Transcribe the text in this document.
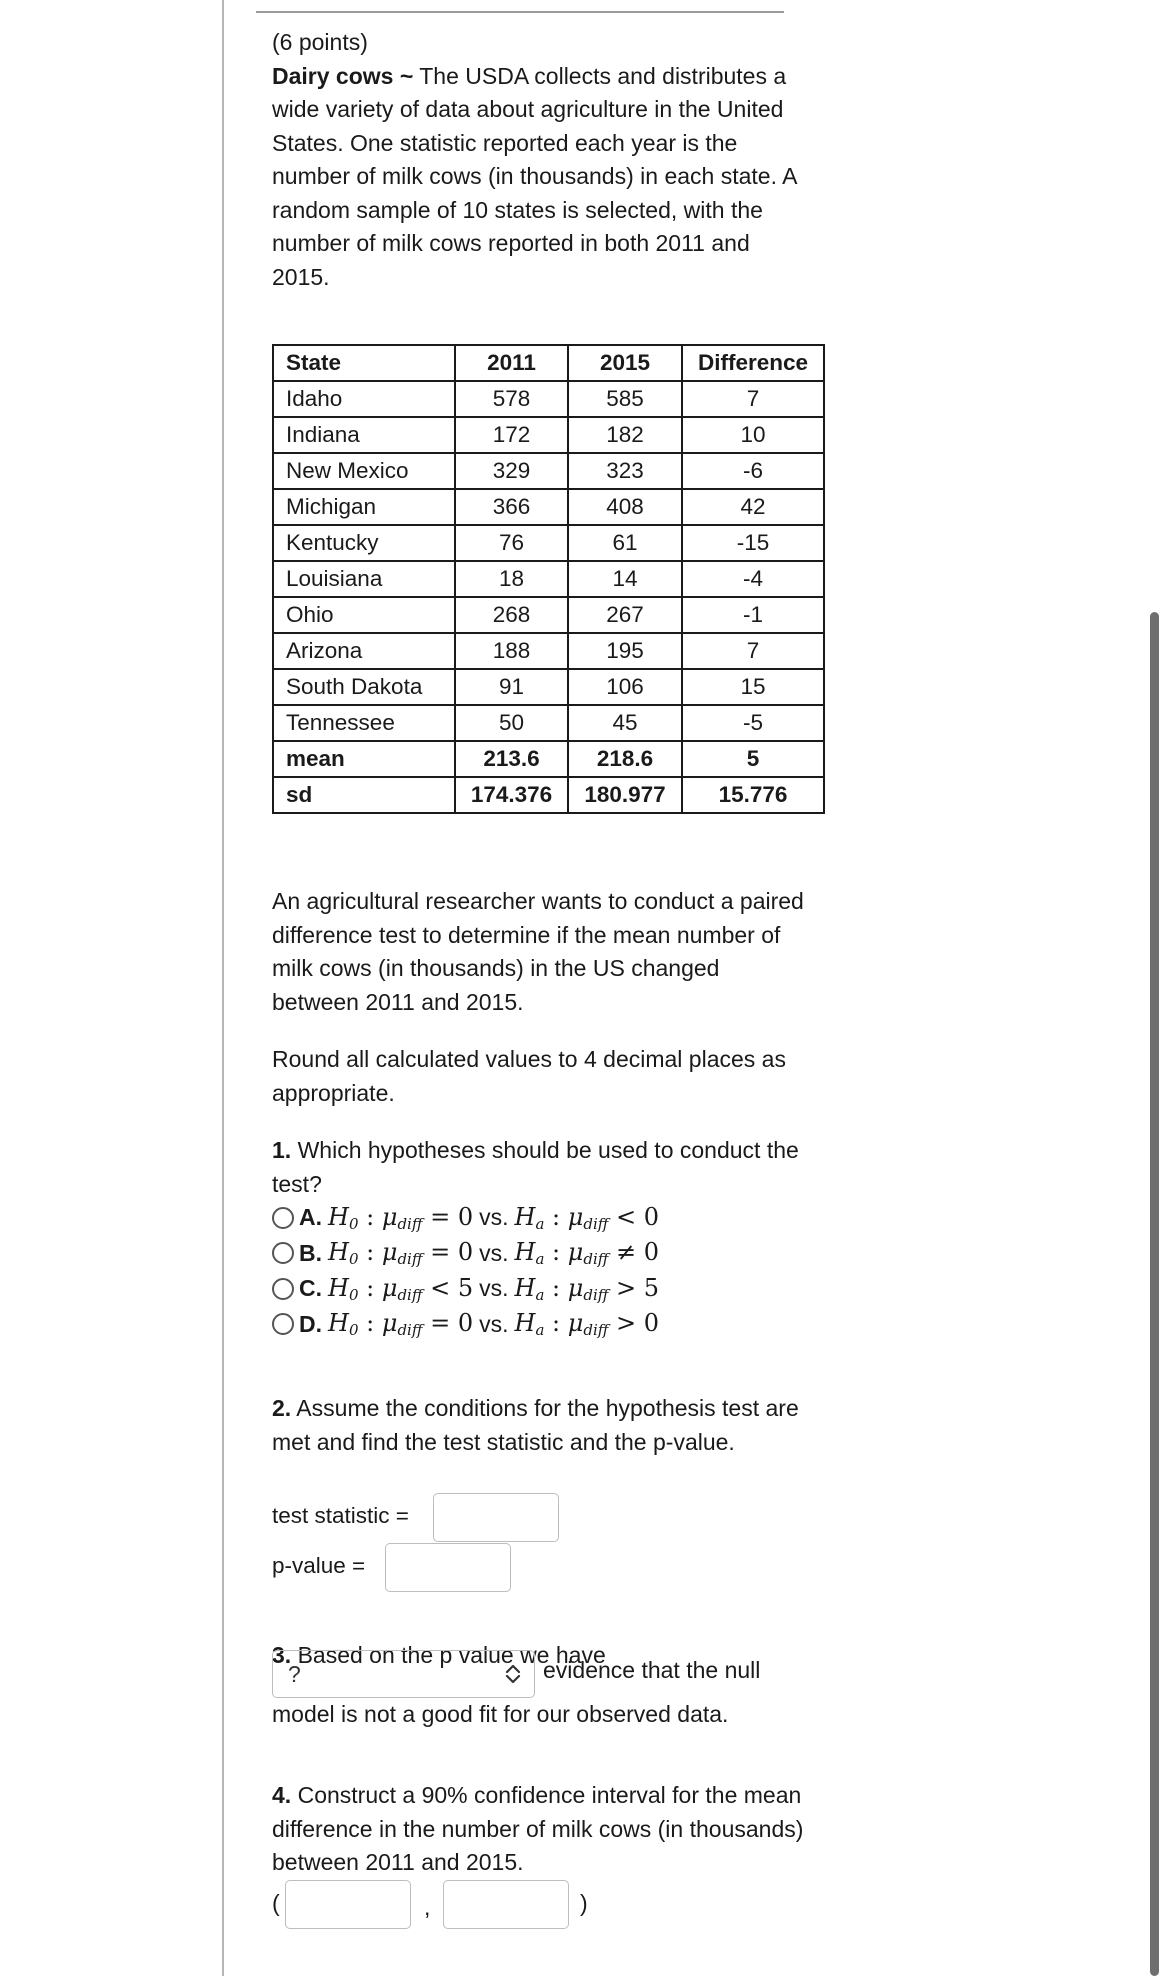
(6 points)

Dairy cows ~ The USDA collects and distributes a wide variety of data about agriculture in the United States. One statistic reported each year is the number of milk cows (in thousands) in each state. A random sample of 10 states is selected, with the number of milk cows reported in both 2011 and 2015.

State	2011	2015	Difference
Idaho	578	585	7
Indiana	172	182	10
New Mexico	329	323	-6
Michigan	366	408	42
Kentucky	76	61	-15
Louisiana	18	14	-4
Ohio	268	267	-1
Arizona	188	195	7
South Dakota	91	106	15
Tennessee	50	45	-5
mean	213.6	218.6	5
sd	174.376	180.977	15.776

An agricultural researcher wants to conduct a paired difference test to determine if the mean number of milk cows (in thousands) in the US changed between 2011 and 2015.

Round all calculated values to 4 decimal places as appropriate.

1. Which hypotheses should be used to conduct the test?

A. $H_0$ : $\mu_{diff} = 0$ vs. $H_a$ : $\mu_{diff} < 0$
B. $H_0$ : $\mu_{diff} = 0$ vs. $H_a$ : $\mu_{diff} \ne 0$
C. $H_0$ : $\mu_{diff} < 5$ vs. $H_a$ : $\mu_{diff} > 5$
D. $H_0$ : $\mu_{diff} = 0$ vs. $H_a$ : $\mu_{diff} > 0$

2. Assume the conditions for the hypothesis test are met and find the test statistic and the p-value.

test statistic =
p-value =

3. Based on the p value we have

?	evidence that the null
model is not a good fit for our observed data.

4. Construct a 90% confidence interval for the mean difference in the number of milk cows (in thousands) between 2011 and 2015.

(	,	)
